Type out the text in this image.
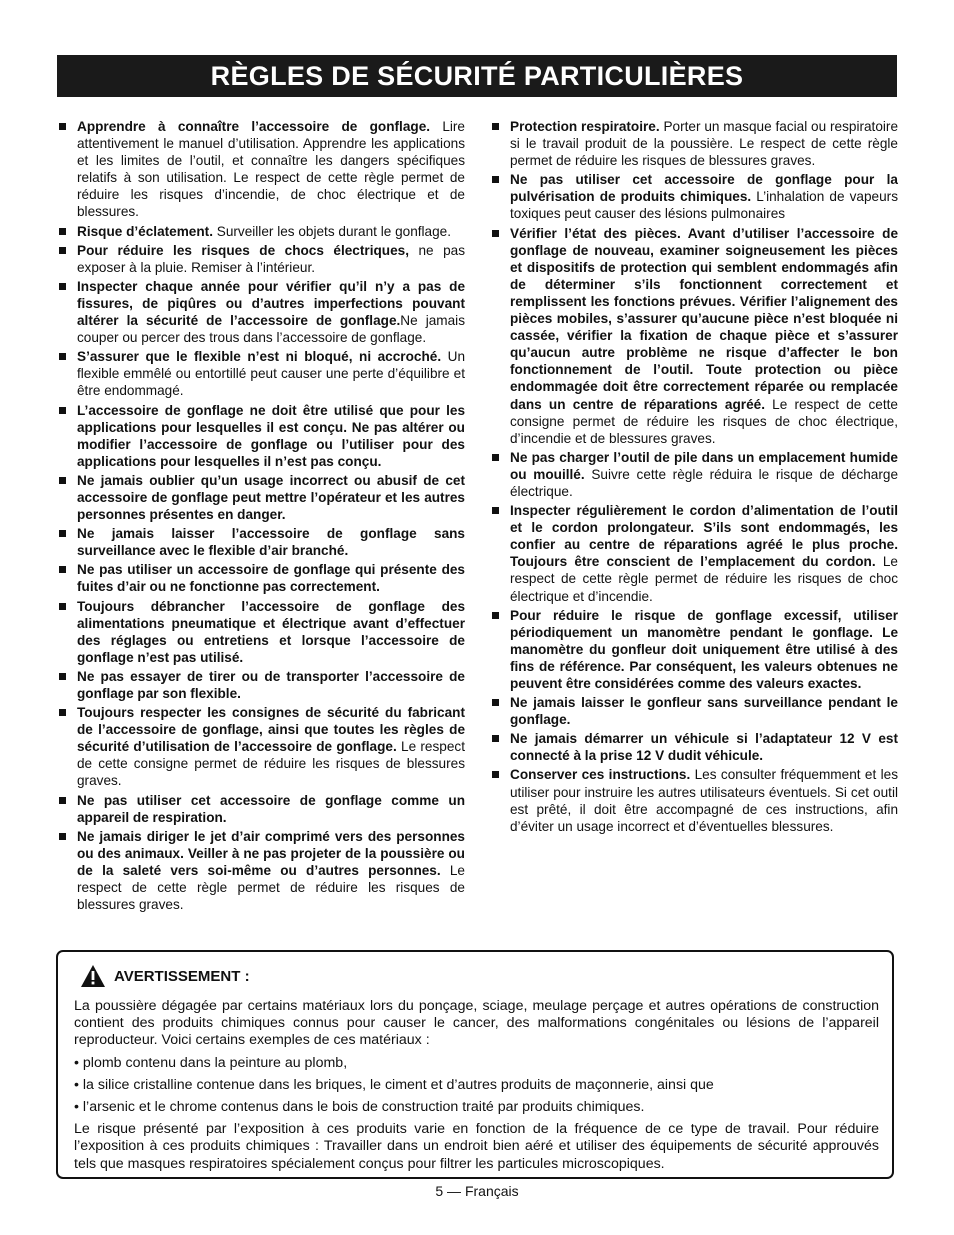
RÈGLES DE SÉCURITÉ PARTICULIÈRES
Apprendre à connaître l’accessoire de gonflage. Lire attentivement le manuel d’utilisation. Apprendre les applications et les limites de l’outil, et connaître les dangers spécifiques relatifs à son utilisation. Le respect de cette règle permet de réduire les risques d’incendie, de choc électrique et de blessures.
Risque d’éclatement. Surveiller les objets durant le gonflage.
Pour réduire les risques de chocs électriques, ne pas exposer à la pluie. Remiser à l’intérieur.
Inspecter chaque année pour vérifier qu’il n’y a pas de fissures, de piqûres ou d’autres imperfections pouvant altérer la sécurité de l’accessoire de gonflage.Ne jamais couper ou percer des trous dans l’accessoire de gonflage.
S’assurer que le flexible n’est ni bloqué, ni accroché. Un flexible emmêlé ou entortillé peut causer une perte d’équilibre et être endommagé.
L’accessoire de gonflage ne doit être utilisé que pour les applications pour lesquelles il est conçu. Ne pas altérer ou modifier l’accessoire de gonflage ou l’utiliser pour des applications pour lesquelles il n’est pas conçu.
Ne jamais oublier qu’un usage incorrect ou abusif de cet accessoire de gonflage peut mettre l’opérateur et les autres personnes présentes en danger.
Ne jamais laisser l’accessoire de gonflage sans surveillance avec le flexible d’air branché.
Ne pas utiliser un accessoire de gonflage qui présente des fuites d’air ou ne fonctionne pas correctement.
Toujours débrancher l’accessoire de gonflage des alimentations pneumatique et électrique avant d’effectuer des réglages ou entretiens et lorsque l’accessoire de gonflage n’est pas utilisé.
Ne pas essayer de tirer ou de transporter l’accessoire de gonflage par son flexible.
Toujours respecter les consignes de sécurité du fabricant de l’accessoire de gonflage, ainsi que toutes les règles de sécurité d’utilisation de l’accessoire de gonflage. Le respect de cette consigne permet de réduire les risques de blessures graves.
Ne pas utiliser cet accessoire de gonflage comme un appareil de respiration.
Ne jamais diriger le jet d’air comprimé vers des personnes ou des animaux. Veiller à ne pas projeter de la poussière ou de la saleté vers soi-même ou d’autres personnes. Le respect de cette règle permet de réduire les risques de blessures graves.
Protection respiratoire. Porter un masque facial ou respiratoire si le travail produit de la poussière. Le respect de cette règle permet de réduire les risques de blessures graves.
Ne pas utiliser cet accessoire de gonflage pour la pulvérisation de produits chimiques. L’inhalation de vapeurs toxiques peut causer des lésions pulmonaires
Vérifier l’état des pièces. Avant d’utiliser l’accessoire de gonflage de nouveau, examiner soigneusement les pièces et dispositifs de protection qui semblent endommagés afin de déterminer s’ils fonctionnent correctement et remplissent les fonctions prévues. Vérifier l’alignement des pièces mobiles, s’assurer qu’aucune pièce n’est bloquée ni cassée, vérifier la fixation de chaque pièce et s’assurer qu’aucun autre problème ne risque d’affecter le bon fonctionnement de l’outil. Toute protection ou pièce endommagée doit être correctement réparée ou remplacée dans un centre de réparations agréé. Le respect de cette consigne permet de réduire les risques de choc électrique, d’incendie et de blessures graves.
Ne pas charger l’outil de pile dans un emplacement humide ou mouillé. Suivre cette règle réduira le risque de décharge électrique.
Inspecter régulièrement le cordon d’alimentation de l’outil et le cordon prolongateur. S’ils sont endommagés, les confier au centre de réparations agréé le plus proche. Toujours être conscient de l’emplacement du cordon. Le respect de cette règle permet de réduire les risques de choc électrique et d’incendie.
Pour réduire le risque de gonflage excessif, utiliser périodiquement un manomètre pendant le gonflage. Le manomètre du gonfleur doit uniquement être utilisé à des fins de référence. Par conséquent, les valeurs obtenues ne peuvent être considérées comme des valeurs exactes.
Ne jamais laisser le gonfleur sans surveillance pendant le gonflage.
Ne jamais démarrer un véhicule si l’adaptateur 12 V est connecté à la prise 12 V dudit véhicule.
Conserver ces instructions. Les consulter fréquemment et les utiliser pour instruire les autres utilisateurs éventuels. Si cet outil est prêté, il doit être accompagné de ces instructions, afin d’éviter un usage incorrect et d’éventuelles blessures.
AVERTISSEMENT :

La poussière dégagée par certains matériaux lors du ponçage, sciage, meulage perçage et autres opérations de construction contient des produits chimiques connus pour causer le cancer, des malformations congénitales ou lésions de l’appareil reproducteur. Voici certains exemples de ces matériaux :

• plomb contenu dans la peinture au plomb,
• la silice cristalline contenue dans les briques, le ciment et d’autres produits de maçonnerie, ainsi que
• l’arsenic et le chrome contenus dans le bois de construction traité par produits chimiques.

Le risque présenté par l’exposition à ces produits varie en fonction de la fréquence de ce type de travail. Pour réduire l’exposition à ces produits chimiques : Travailler dans un endroit bien aéré et utiliser des équipements de sécurité approuvés tels que masques respiratoires spécialement conçus pour filtrer les particules microscopiques.

5 — Français
